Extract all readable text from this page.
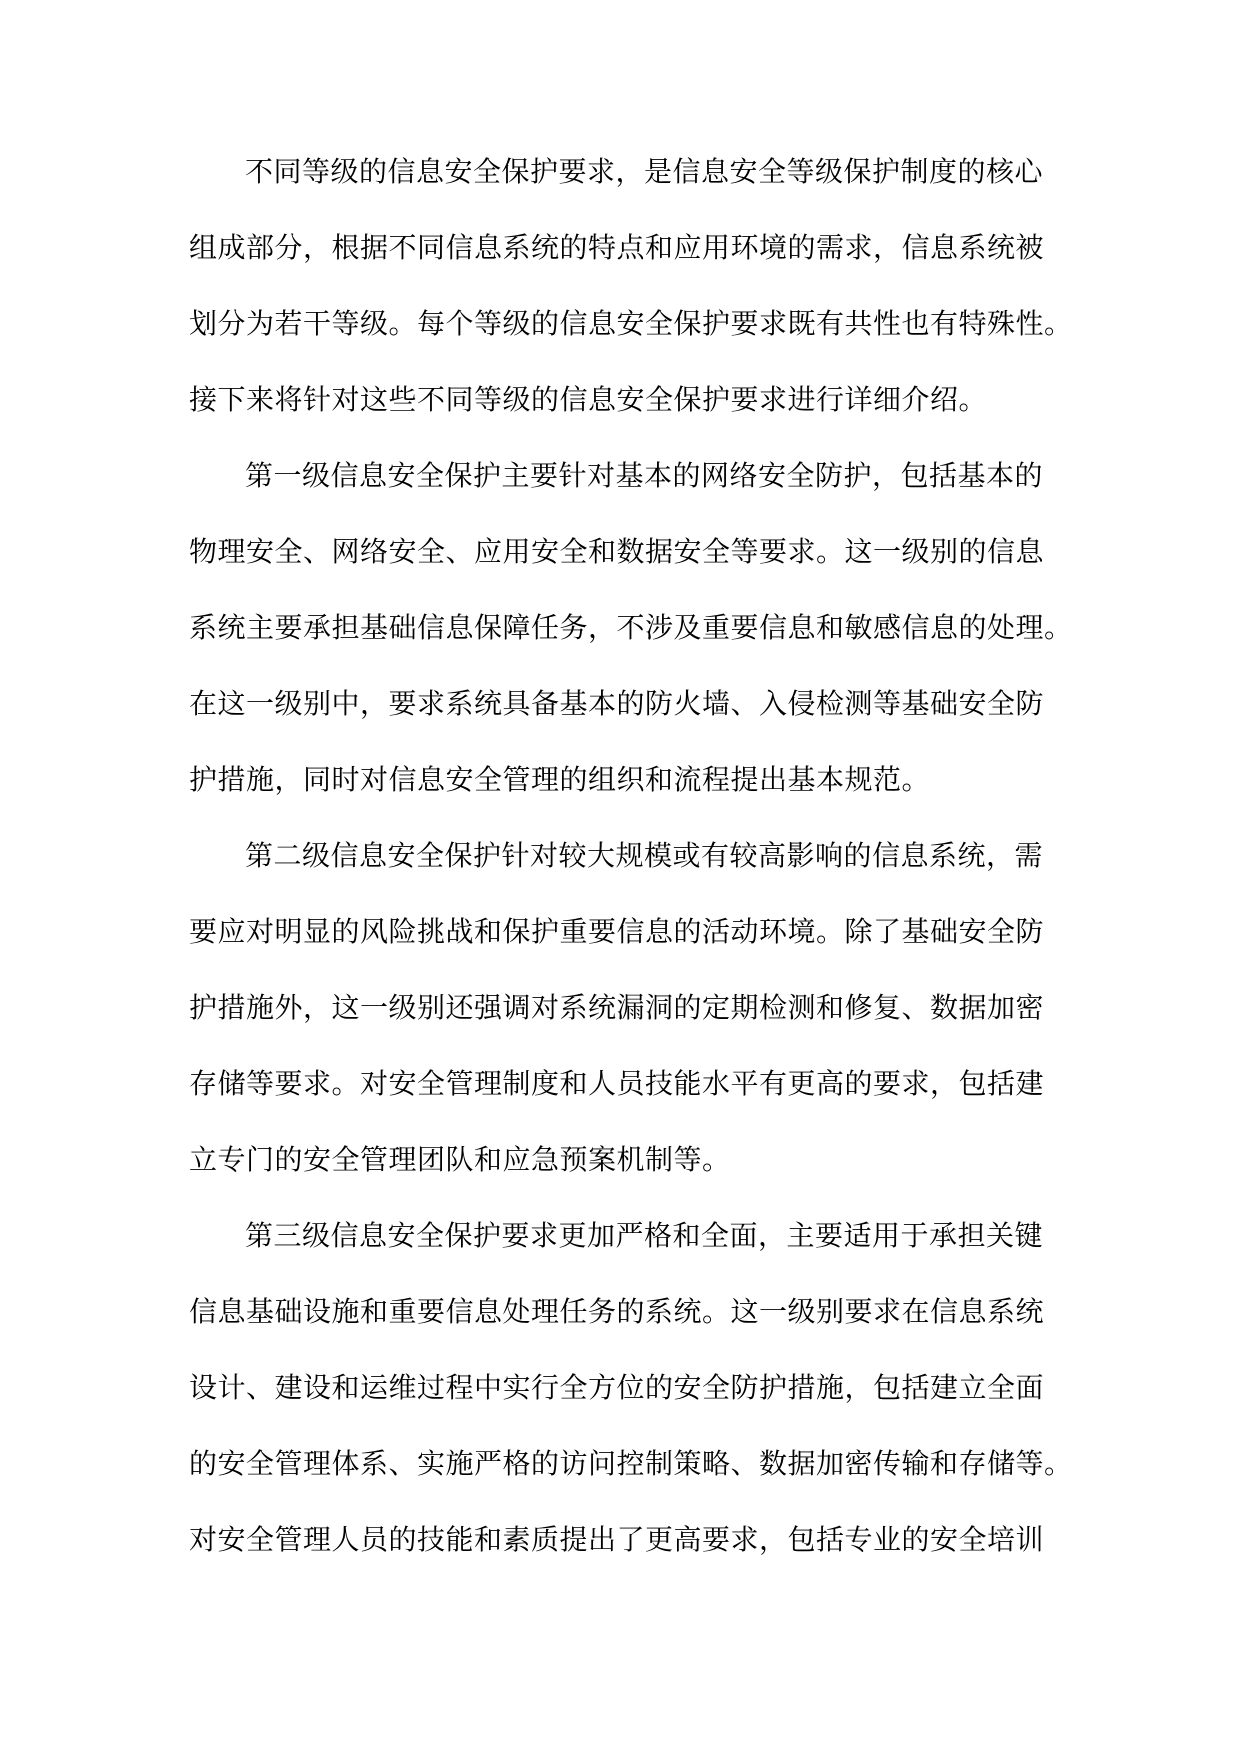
不同等级的信息安全保护要求，是信息安全等级保护制度的核心
组成部分，根据不同信息系统的特点和应用环境的需求，信息系统被
划分为若干等级。每个等级的信息安全保护要求既有共性也有特殊性。
接下来将针对这些不同等级的信息安全保护要求进行详细介绍。
第一级信息安全保护主要针对基本的网络安全防护，包括基本的
物理安全、网络安全、应用安全和数据安全等要求。这一级别的信息
系统主要承担基础信息保障任务，不涉及重要信息和敏感信息的处理。
在这一级别中，要求系统具备基本的防火墙、入侵检测等基础安全防
护措施，同时对信息安全管理的组织和流程提出基本规范。
第二级信息安全保护针对较大规模或有较高影响的信息系统，需
要应对明显的风险挑战和保护重要信息的活动环境。除了基础安全防
护措施外，这一级别还强调对系统漏洞的定期检测和修复、数据加密
存储等要求。对安全管理制度和人员技能水平有更高的要求，包括建
立专门的安全管理团队和应急预案机制等。
第三级信息安全保护要求更加严格和全面，主要适用于承担关键
信息基础设施和重要信息处理任务的系统。这一级别要求在信息系统
设计、建设和运维过程中实行全方位的安全防护措施，包括建立全面
的安全管理体系、实施严格的访问控制策略、数据加密传输和存储等。
对安全管理人员的技能和素质提出了更高要求，包括专业的安全培训
